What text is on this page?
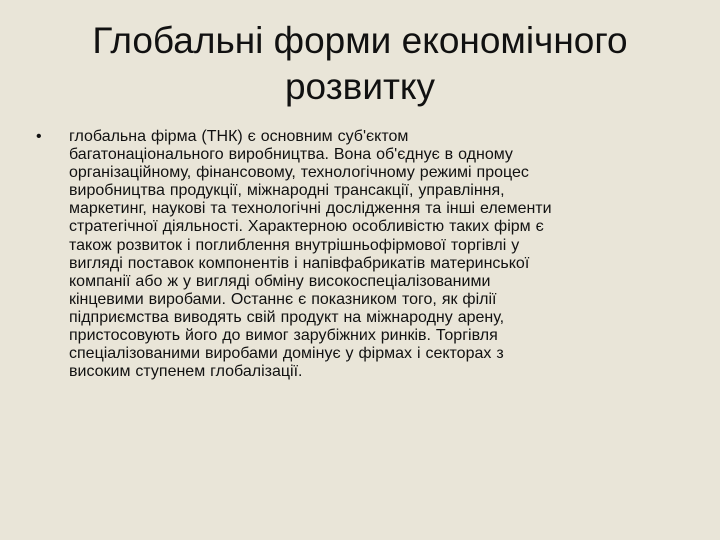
Глобальні форми економічного
розвитку
• глобальна фірма (ТНК) є основним суб'єктом
багатонаціонального виробництва. Вона об'єднує в одному
організаційному, фінансовому, технологічному режимі процес
виробництва продукції, міжнародні трансакції, управління,
маркетинг, наукові та технологічні дослідження та інші елементи
стратегічної діяльності. Характерною особливістю таких фірм є
також розвиток і поглиблення внутрішньофірмової торгівлі у
вигляді поставок компонентів і напівфабрикатів материнської
компанії або ж у вигляді обміну високоспеціалізованими
кінцевими виробами. Останнє є показником того, як філії
підприємства виводять свій продукт на міжнародну арену,
пристосовують його до вимог зарубіжних ринків. Торгівля
спеціалізованими виробами домінує у фірмах і секторах з
високим ступенем глобалізації.
